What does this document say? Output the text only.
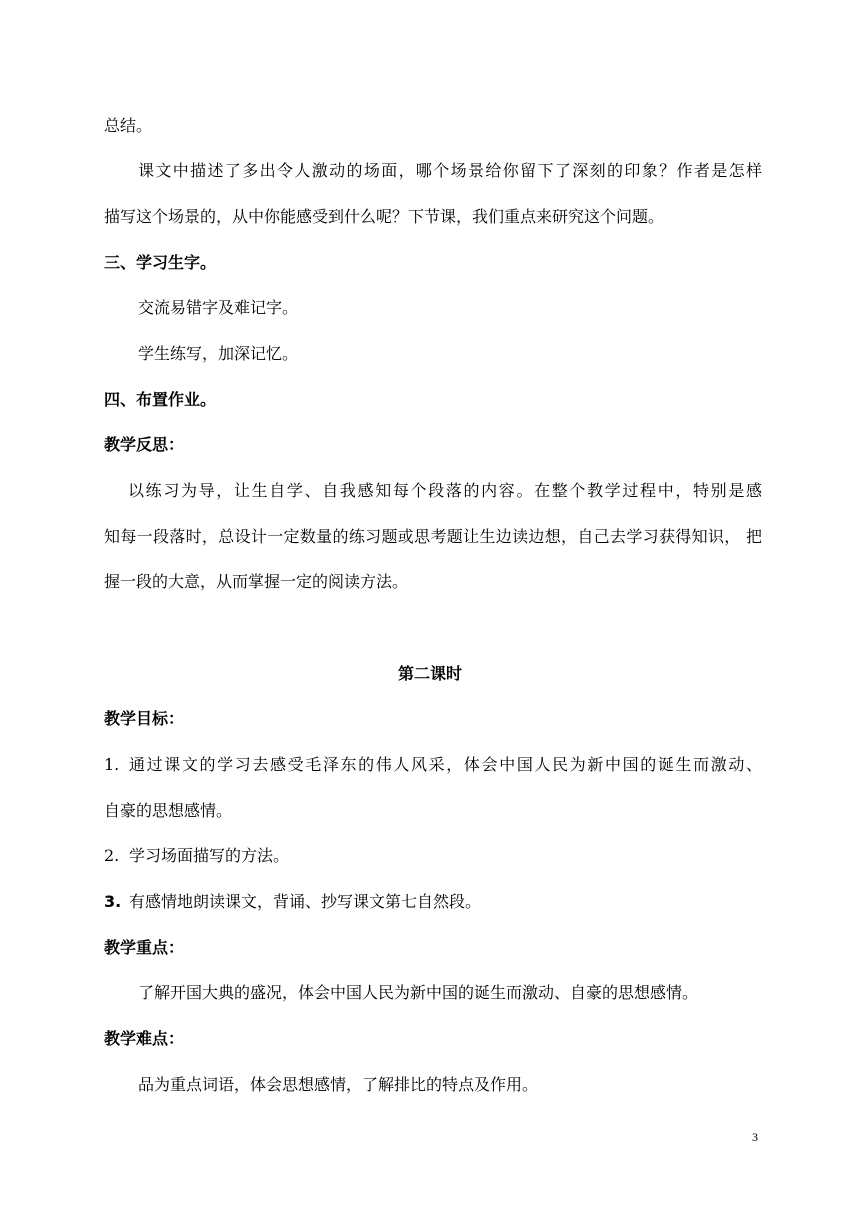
总结。
课文中描述了多出令人激动的场面，哪个场景给你留下了深刻的印象？作者是怎样
描写这个场景的，从中你能感受到什么呢？下节课，我们重点来研究这个问题。
三、学习生字。
交流易错字及难记字。
学生练写，加深记忆。
四、布置作业。
教学反思：
以练习为导，让生自学、自我感知每个段落的内容。在整个教学过程中，特别是感
知每一段落时，总设计一定数量的练习题或思考题让生边读边想，自己去学习获得知识， 把
握一段的大意，从而掌握一定的阅读方法。
第二课时
教学目标：
1. 通过课文的学习去感受毛泽东的伟人风采，体会中国人民为新中国的诞生而激动、
自豪的思想感情。
2. 学习场面描写的方法。
3. 有感情地朗读课文，背诵、抄写课文第七自然段。
教学重点：
了解开国大典的盛况，体会中国人民为新中国的诞生而激动、自豪的思想感情。
教学难点：
品为重点词语，体会思想感情，了解排比的特点及作用。
3
